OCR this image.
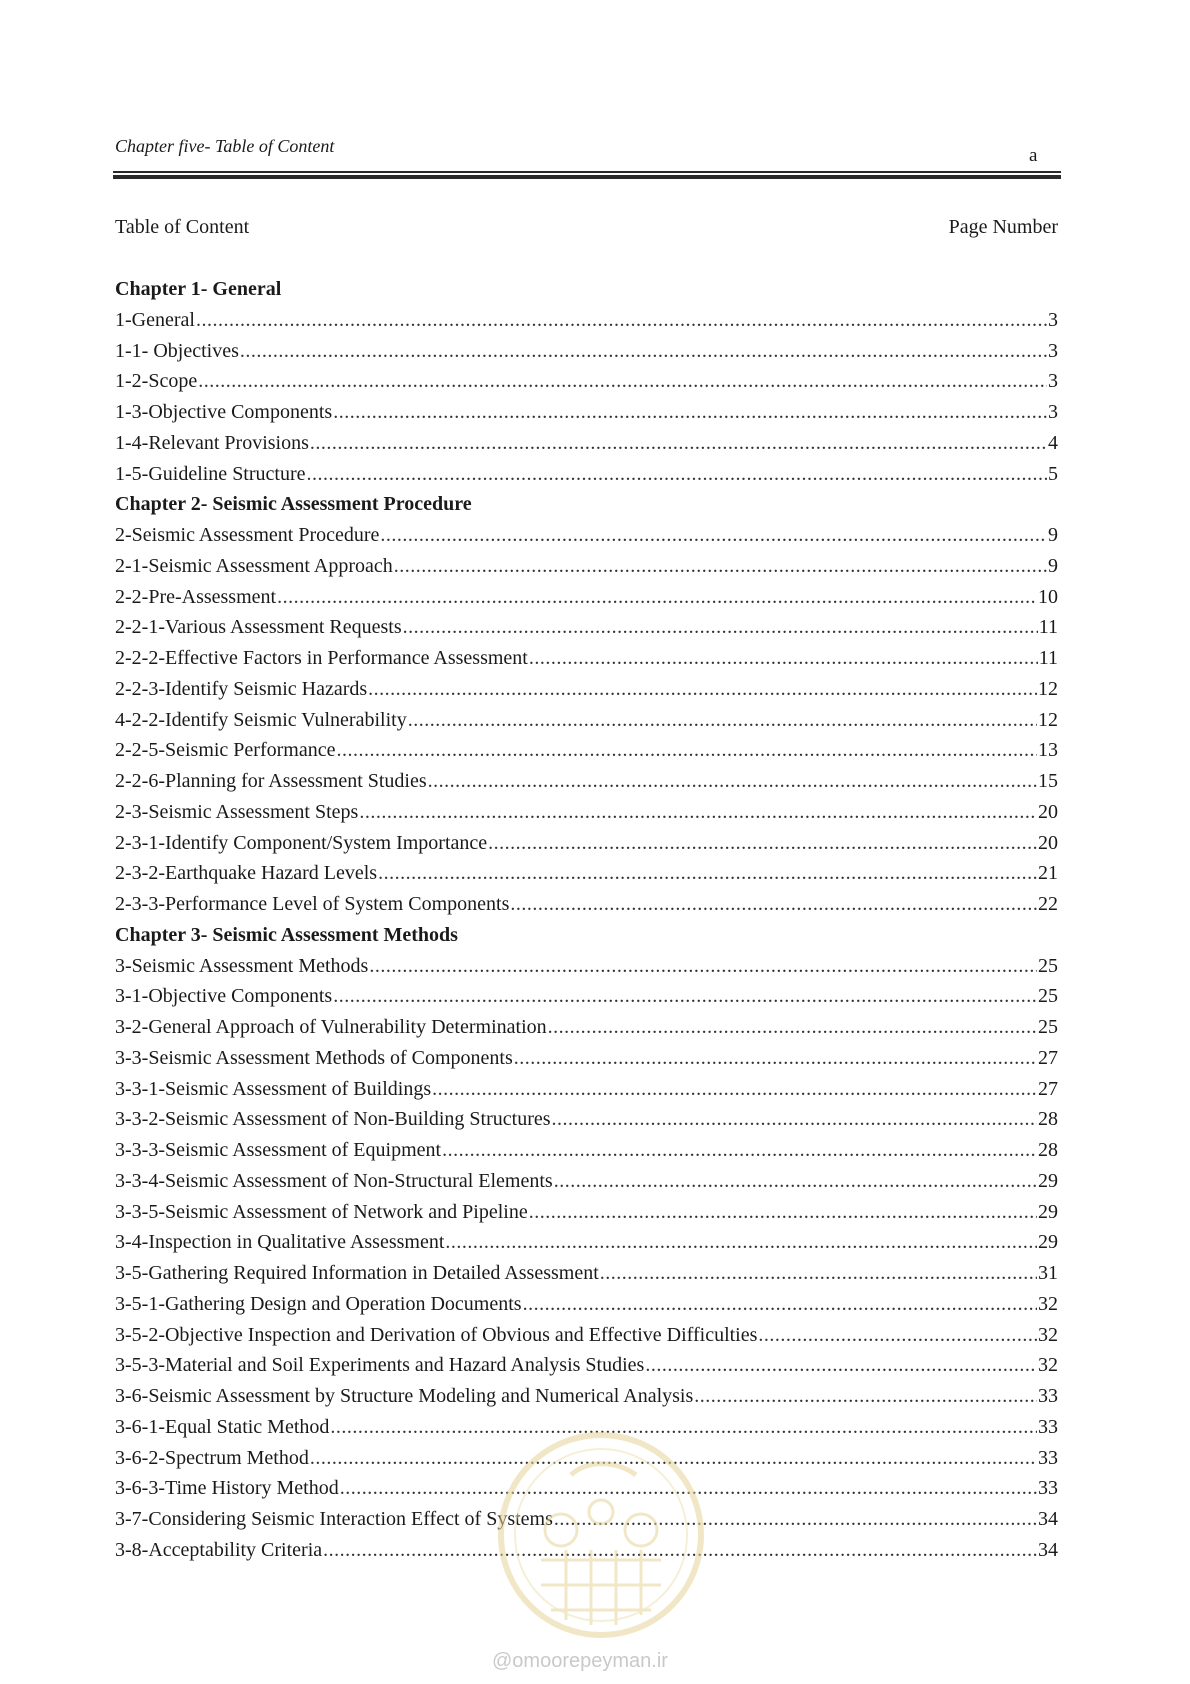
Chapter five- Table of Content	a
Table of Content	Page Number
Chapter 1- General
1-General .....	3
1-1- Objectives .....	3
1-2-Scope .....	3
1-3-Objective Components .....	3
1-4-Relevant Provisions .....	4
1-5-Guideline Structure .....	5
Chapter 2- Seismic Assessment Procedure
2-Seismic Assessment Procedure .....	9
2-1-Seismic Assessment Approach .....	9
2-2-Pre-Assessment .....	10
2-2-1-Various Assessment Requests .....	11
2-2-2-Effective Factors in Performance Assessment .....	11
2-2-3-Identify Seismic Hazards .....	12
4-2-2-Identify Seismic Vulnerability .....	12
2-2-5-Seismic Performance .....	13
2-2-6-Planning for Assessment Studies .....	15
2-3-Seismic Assessment Steps .....	20
2-3-1-Identify Component/System Importance .....	20
2-3-2-Earthquake Hazard Levels .....	21
2-3-3-Performance Level of System Components .....	22
Chapter 3- Seismic Assessment Methods
3-Seismic Assessment Methods .....	25
3-1-Objective Components .....	25
3-2-General Approach of Vulnerability Determination .....	25
3-3-Seismic Assessment Methods of Components .....	27
3-3-1-Seismic Assessment of Buildings .....	27
3-3-2-Seismic Assessment of Non-Building Structures .....	28
3-3-3-Seismic Assessment of Equipment .....	28
3-3-4-Seismic Assessment of Non-Structural Elements .....	29
3-3-5-Seismic Assessment of Network and Pipeline .....	29
3-4-Inspection in Qualitative Assessment .....	29
3-5-Gathering Required Information in Detailed Assessment .....	31
3-5-1-Gathering Design and Operation Documents .....	32
3-5-2-Objective Inspection and Derivation of Obvious and Effective Difficulties .....	32
3-5-3-Material and Soil Experiments and Hazard Analysis Studies .....	32
3-6-Seismic Assessment by Structure Modeling and Numerical Analysis .....	33
3-6-1-Equal Static Method .....	33
3-6-2-Spectrum Method .....	33
3-6-3-Time History Method .....	33
3-7-Considering Seismic Interaction Effect of Systems .....	34
3-8-Acceptability Criteria .....	34
@omoorepeyman.ir
